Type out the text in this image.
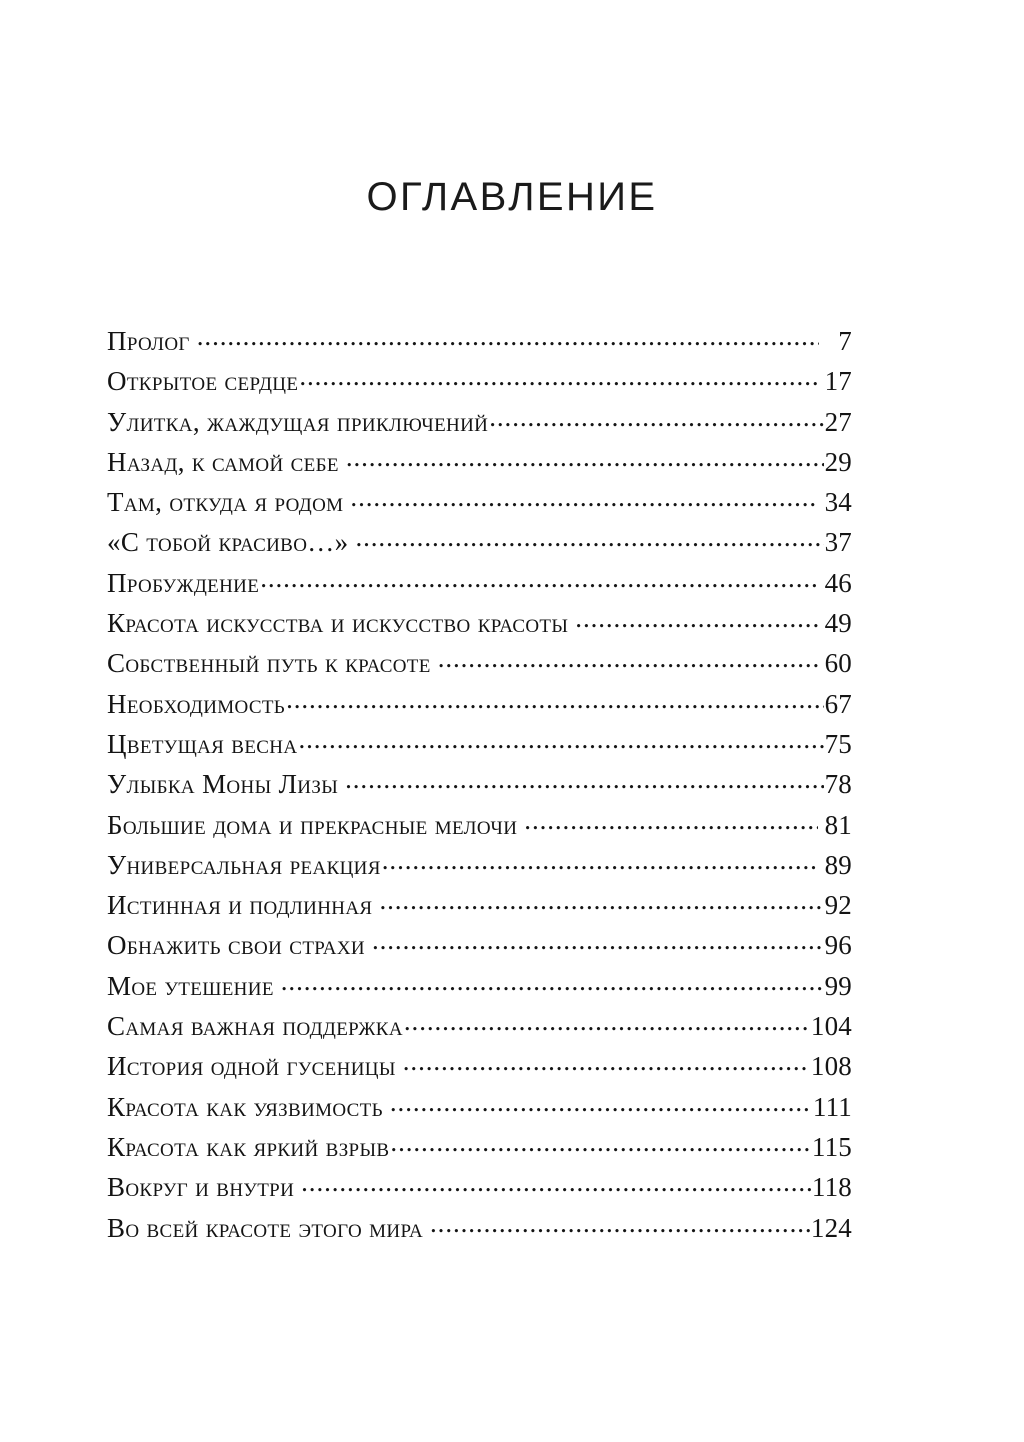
ОГЛАВЛЕНИЕ
Пролог .....	7
Открытое сердце .....	17
Улитка, жаждущая приключений .....	27
Назад, к самой себе .....	29
Там, откуда я родом .....	34
«С тобой красиво…» .....	37
Пробуждение .....	46
Красота искусства и искусство красоты .....	49
Собственный путь к красоте .....	60
Необходимость .....	67
Цветущая весна .....	75
Улыбка Моны Лизы .....	78
Большие дома и прекрасные мелочи .....	81
Универсальная реакция .....	89
Истинная и подлинная .....	92
Обнажить свои страхи .....	96
Мое утешение .....	99
Самая важная поддержка .....	104
История одной гусеницы .....	108
Красота как уязвимость .....	111
Красота как яркий взрыв .....	115
Вокруг и внутри .....	118
Во всей красоте этого мира .....	124
